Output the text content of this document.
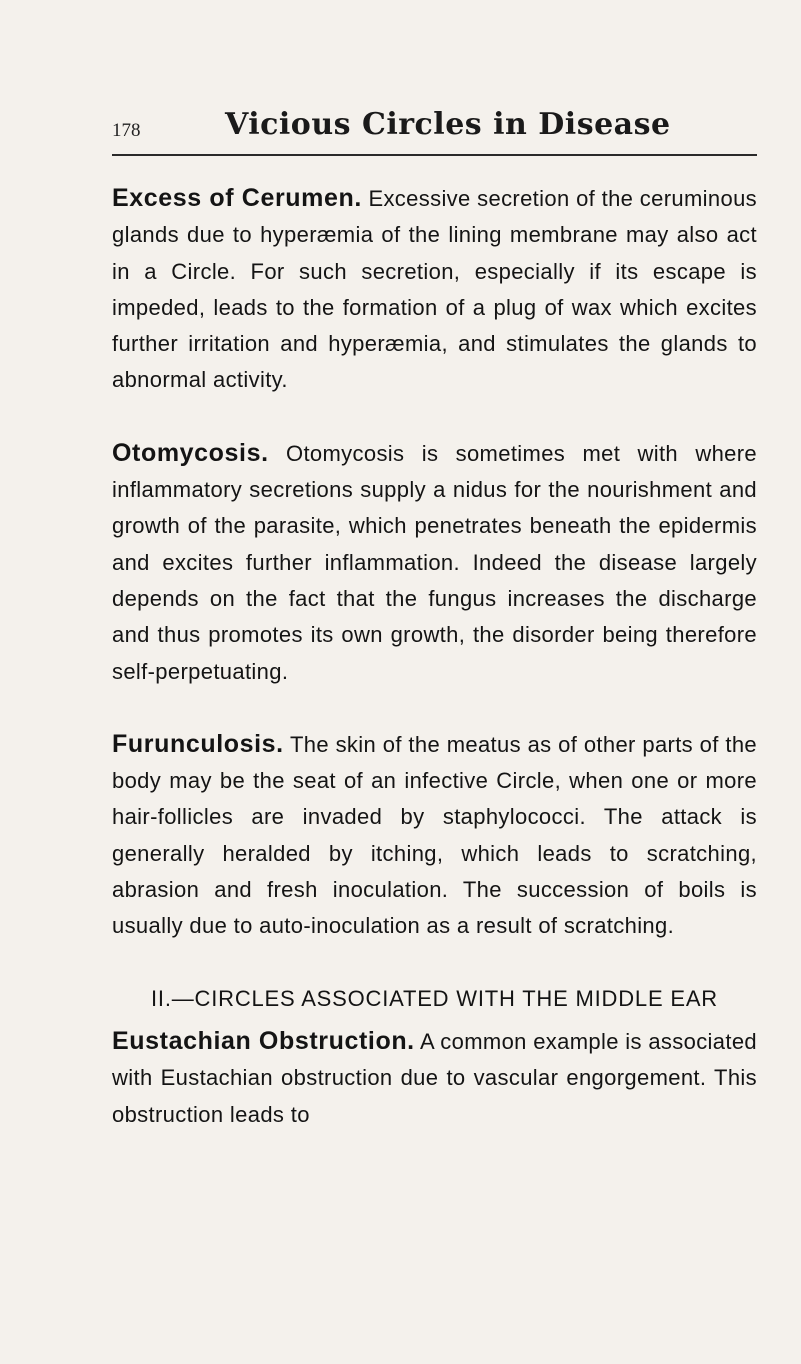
178	Vicious Circles in Disease

Excess of Cerumen. Excessive secretion of the ceruminous glands due to hyperæmia of the lining membrane may also act in a Circle. For such secretion, especially if its escape is impeded, leads to the formation of a plug of wax which excites further irritation and hyperæmia, and stimulates the glands to abnormal activity.

Otomycosis. Otomycosis is sometimes met with where inflammatory secretions supply a nidus for the nourishment and growth of the parasite, which penetrates beneath the epidermis and excites further inflammation. Indeed the disease largely depends on the fact that the fungus increases the discharge and thus promotes its own growth, the disorder being therefore self-perpetuating.

Furunculosis. The skin of the meatus as of other parts of the body may be the seat of an infective Circle, when one or more hair-follicles are invaded by staphylococci. The attack is generally heralded by itching, which leads to scratching, abrasion and fresh inoculation. The succession of boils is usually due to auto-inoculation as a result of scratching.

II.—CIRCLES ASSOCIATED WITH THE MIDDLE EAR

Eustachian Obstruction. A common example is associated with Eustachian obstruction due to vascular engorgement. This obstruction leads to
